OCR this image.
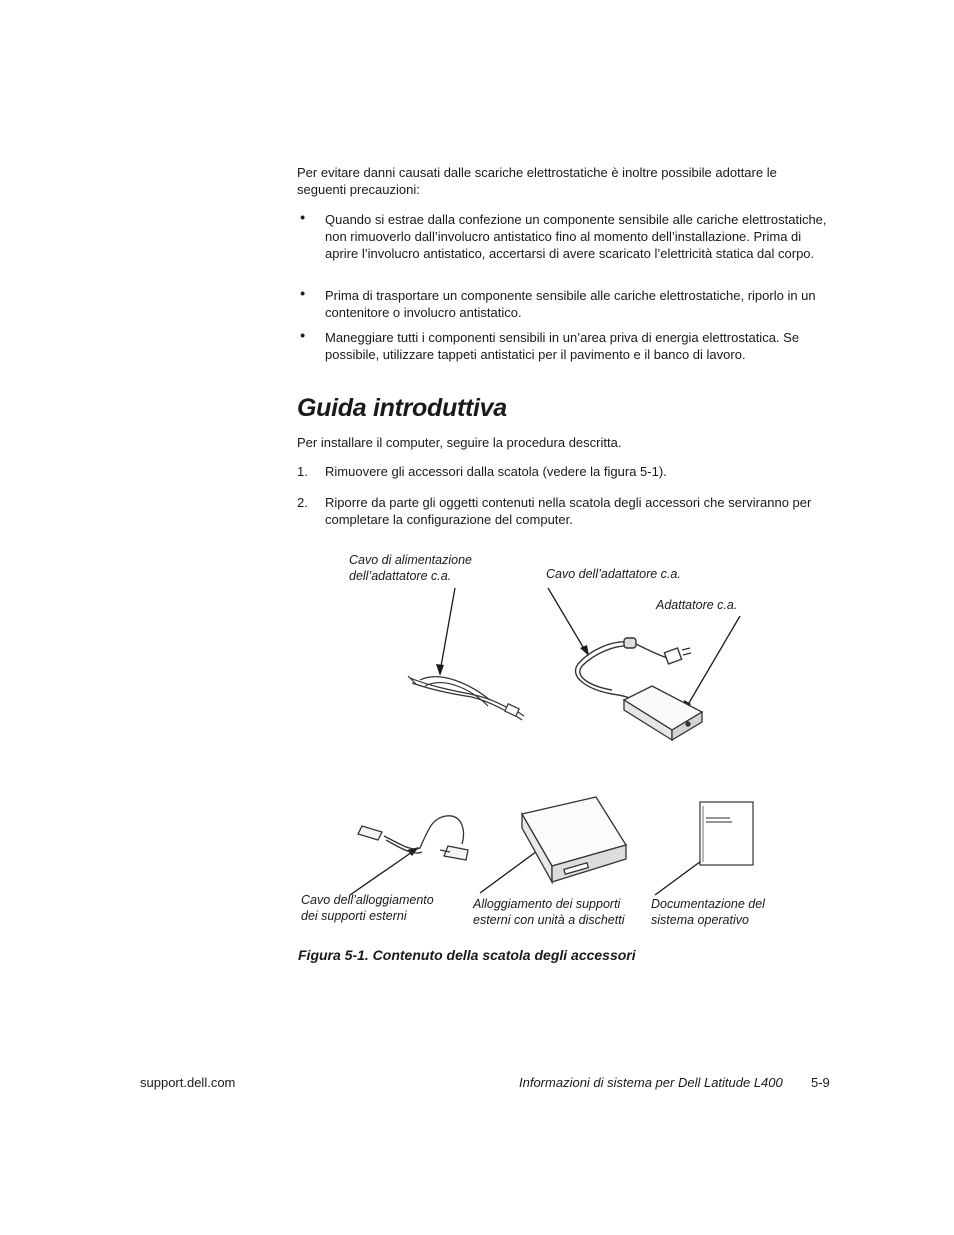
Per evitare danni causati dalle scariche elettrostatiche è inoltre possibile adottare le seguenti precauzioni:

• Quando si estrae dalla confezione un componente sensibile alle cariche elettrostatiche, non rimuoverlo dall’involucro antistatico fino al momento dell’installazione. Prima di aprire l’involucro antistatico, accertarsi di avere scaricato l’elettricità statica dal corpo.

• Prima di trasportare un componente sensibile alle cariche elettrostatiche, riporlo in un contenitore o involucro antistatico.

• Maneggiare tutti i componenti sensibili in un’area priva di energia elettrostatica. Se possibile, utilizzare tappeti antistatici per il pavimento e il banco di lavoro.

Guida introduttiva

Per installare il computer, seguire la procedura descritta.

1. Rimuovere gli accessori dalla scatola (vedere la figura 5-1).

2. Riporre da parte gli oggetti contenuti nella scatola degli accessori che serviranno per completare la configurazione del computer.

Cavo di alimentazione dell’adattatore c.a.	Cavo dell’adattatore c.a.

Adattatore c.a.

Cavo dell’alloggiamento dei supporti esterni

Alloggiamento dei supporti esterni con unità a dischetti

Documentazione del sistema operativo

Figura 5-1. Contenuto della scatola degli accessori

support.dell.com	Informazioni di sistema per Dell Latitude L400 5-9
